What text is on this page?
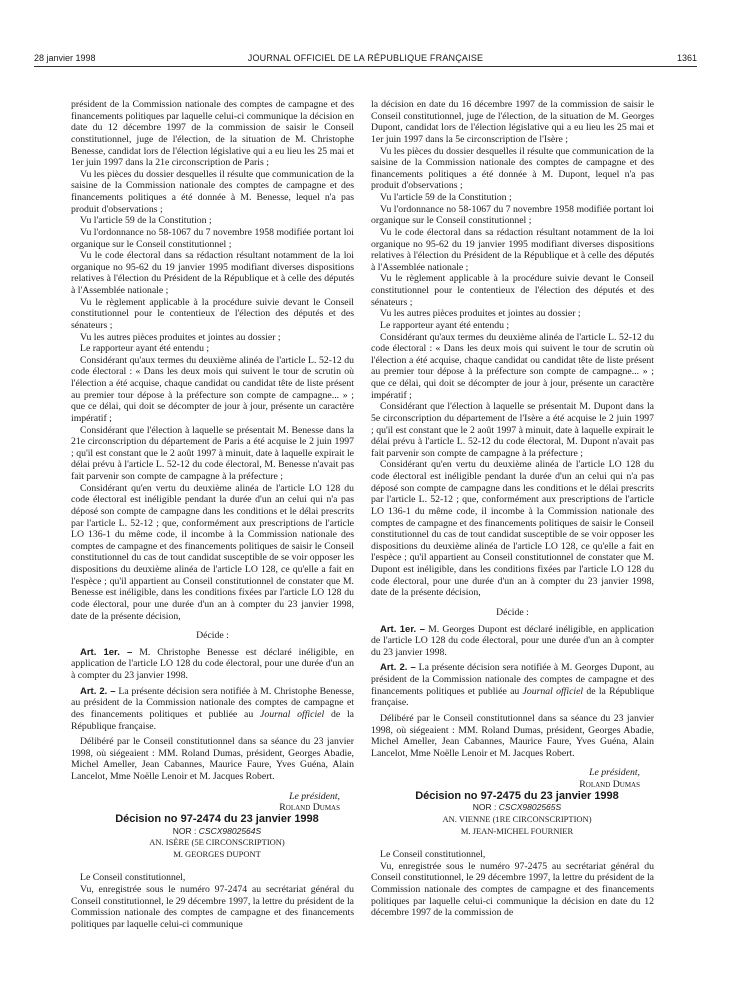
28 janvier 1998	JOURNAL OFFICIEL DE LA RÉPUBLIQUE FRANÇAISE	1361

président de la Commission nationale des comptes de campagne et des financements politiques par laquelle celui-ci communique la décision en date du 12 décembre 1997 de la commission de saisir le Conseil constitutionnel, juge de l'élection, de la situation de M. Christophe Benesse, candidat lors de l'élection législative qui a eu lieu les 25 mai et 1er juin 1997 dans la 21e circonscription de Paris ;

Vu les pièces du dossier desquelles il résulte que communication de la saisine de la Commission nationale des comptes de campagne et des financements politiques a été donnée à M. Benesse, lequel n'a pas produit d'observations ;

Vu l'article 59 de la Constitution ;

Vu l'ordonnance no 58-1067 du 7 novembre 1958 modifiée portant loi organique sur le Conseil constitutionnel ;

Vu le code électoral dans sa rédaction résultant notamment de la loi organique no 95-62 du 19 janvier 1995 modifiant diverses dispositions relatives à l'élection du Président de la République et à celle des députés à l'Assemblée nationale ;

Vu le règlement applicable à la procédure suivie devant le Conseil constitutionnel pour le contentieux de l'élection des députés et des sénateurs ;

Vu les autres pièces produites et jointes au dossier ;

Le rapporteur ayant été entendu ;

Considérant qu'aux termes du deuxième alinéa de l'article L. 52-12 du code électoral : « Dans les deux mois qui suivent le tour de scrutin où l'élection a été acquise, chaque candidat ou candidat tête de liste présent au premier tour dépose à la préfecture son compte de campagne... » ; que ce délai, qui doit se décompter de jour à jour, présente un caractère impératif ;

Considérant que l'élection à laquelle se présentait M. Benesse dans la 21e circonscription du département de Paris a été acquise le 2 juin 1997 ; qu'il est constant que le 2 août 1997 à minuit, date à laquelle expirait le délai prévu à l'article L. 52-12 du code électoral, M. Benesse n'avait pas fait parvenir son compte de campagne à la préfecture ;

Considérant qu'en vertu du deuxième alinéa de l'article LO 128 du code électoral est inéligible pendant la durée d'un an celui qui n'a pas déposé son compte de campagne dans les conditions et le délai prescrits par l'article L. 52-12 ; que, conformément aux prescriptions de l'article LO 136-1 du même code, il incombe à la Commission nationale des comptes de campagne et des financements politiques de saisir le Conseil constitutionnel du cas de tout candidat susceptible de se voir opposer les dispositions du deuxième alinéa de l'article LO 128, ce qu'elle a fait en l'espèce ; qu'il appartient au Conseil constitutionnel de constater que M. Benesse est inéligible, dans les conditions fixées par l'article LO 128 du code électoral, pour une durée d'un an à compter du 23 janvier 1998, date de la présente décision,

Décide :

Art. 1er. – M. Christophe Benesse est déclaré inéligible, en application de l'article LO 128 du code électoral, pour une durée d'un an à compter du 23 janvier 1998.

Art. 2. – La présente décision sera notifiée à M. Christophe Benesse, au président de la Commission nationale des comptes de campagne et des financements politiques et publiée au Journal officiel de la République française.

Délibéré par le Conseil constitutionnel dans sa séance du 23 janvier 1998, où siégeaient : MM. Roland Dumas, président, Georges Abadie, Michel Ameller, Jean Cabannes, Maurice Faure, Yves Guéna, Alain Lancelot, Mme Noëlle Lenoir et M. Jacques Robert.

Le président,

Roland Dumas

Décision no 97-2474 du 23 janvier 1998

NOR : CSCX9802564S

AN. ISÈRE (5E CIRCONSCRIPTION)

M. GEORGES DUPONT

Le Conseil constitutionnel,

Vu, enregistrée sous le numéro 97-2474 au secrétariat général du Conseil constitutionnel, le 29 décembre 1997, la lettre du président de la Commission nationale des comptes de campagne et des financements politiques par laquelle celui-ci communique

la décision en date du 16 décembre 1997 de la commission de saisir le Conseil constitutionnel, juge de l'élection, de la situation de M. Georges Dupont, candidat lors de l'élection législative qui a eu lieu les 25 mai et 1er juin 1997 dans la 5e circonscription de l'Isère ;

Vu les pièces du dossier desquelles il résulte que communication de la saisine de la Commission nationale des comptes de campagne et des financements politiques a été donnée à M. Dupont, lequel n'a pas produit d'observations ;

Vu l'article 59 de la Constitution ;

Vu l'ordonnance no 58-1067 du 7 novembre 1958 modifiée portant loi organique sur le Conseil constitutionnel ;

Vu le code électoral dans sa rédaction résultant notamment de la loi organique no 95-62 du 19 janvier 1995 modifiant diverses dispositions relatives à l'élection du Président de la République et à celle des députés à l'Assemblée nationale ;

Vu le règlement applicable à la procédure suivie devant le Conseil constitutionnel pour le contentieux de l'élection des députés et des sénateurs ;

Vu les autres pièces produites et jointes au dossier ;

Le rapporteur ayant été entendu ;

Considérant qu'aux termes du deuxième alinéa de l'article L. 52-12 du code électoral : « Dans les deux mois qui suivent le tour de scrutin où l'élection a été acquise, chaque candidat ou candidat tête de liste présent au premier tour dépose à la préfecture son compte de campagne... » ; que ce délai, qui doit se décompter de jour à jour, présente un caractère impératif ;

Considérant que l'élection à laquelle se présentait M. Dupont dans la 5e circonscription du département de l'Isère a été acquise le 2 juin 1997 ; qu'il est constant que le 2 août 1997 à minuit, date à laquelle expirait le délai prévu à l'article L. 52-12 du code électoral, M. Dupont n'avait pas fait parvenir son compte de campagne à la préfecture ;

Considérant qu'en vertu du deuxième alinéa de l'article LO 128 du code électoral est inéligible pendant la durée d'un an celui qui n'a pas déposé son compte de campagne dans les conditions et le délai prescrits par l'article L. 52-12 ; que, conformément aux prescriptions de l'article LO 136-1 du même code, il incombe à la Commission nationale des comptes de campagne et des financements politiques de saisir le Conseil constitutionnel du cas de tout candidat susceptible de se voir opposer les dispositions du deuxième alinéa de l'article LO 128, ce qu'elle a fait en l'espèce ; qu'il appartient au Conseil constitutionnel de constater que M. Dupont est inéligible, dans les conditions fixées par l'article LO 128 du code électoral, pour une durée d'un an à compter du 23 janvier 1998, date de la présente décision,

Décide :

Art. 1er. – M. Georges Dupont est déclaré inéligible, en application de l'article LO 128 du code électoral, pour une durée d'un an à compter du 23 janvier 1998.

Art. 2. – La présente décision sera notifiée à M. Georges Dupont, au président de la Commission nationale des comptes de campagne et des financements politiques et publiée au Journal officiel de la République française.

Délibéré par le Conseil constitutionnel dans sa séance du 23 janvier 1998, où siégeaient : MM. Roland Dumas, président, Georges Abadie, Michel Ameller, Jean Cabannes, Maurice Faure, Yves Guéna, Alain Lancelot, Mme Noëlle Lenoir et M. Jacques Robert.

Le président,

Roland Dumas

Décision no 97-2475 du 23 janvier 1998

NOR : CSCX9802565S

AN. VIENNE (1RE CIRCONSCRIPTION)

M. JEAN-MICHEL FOURNIER

Le Conseil constitutionnel,

Vu, enregistrée sous le numéro 97-2475 au secrétariat général du Conseil constitutionnel, le 29 décembre 1997, la lettre du président de la Commission nationale des comptes de campagne et des financements politiques par laquelle celui-ci communique la décision en date du 12 décembre 1997 de la commission de
